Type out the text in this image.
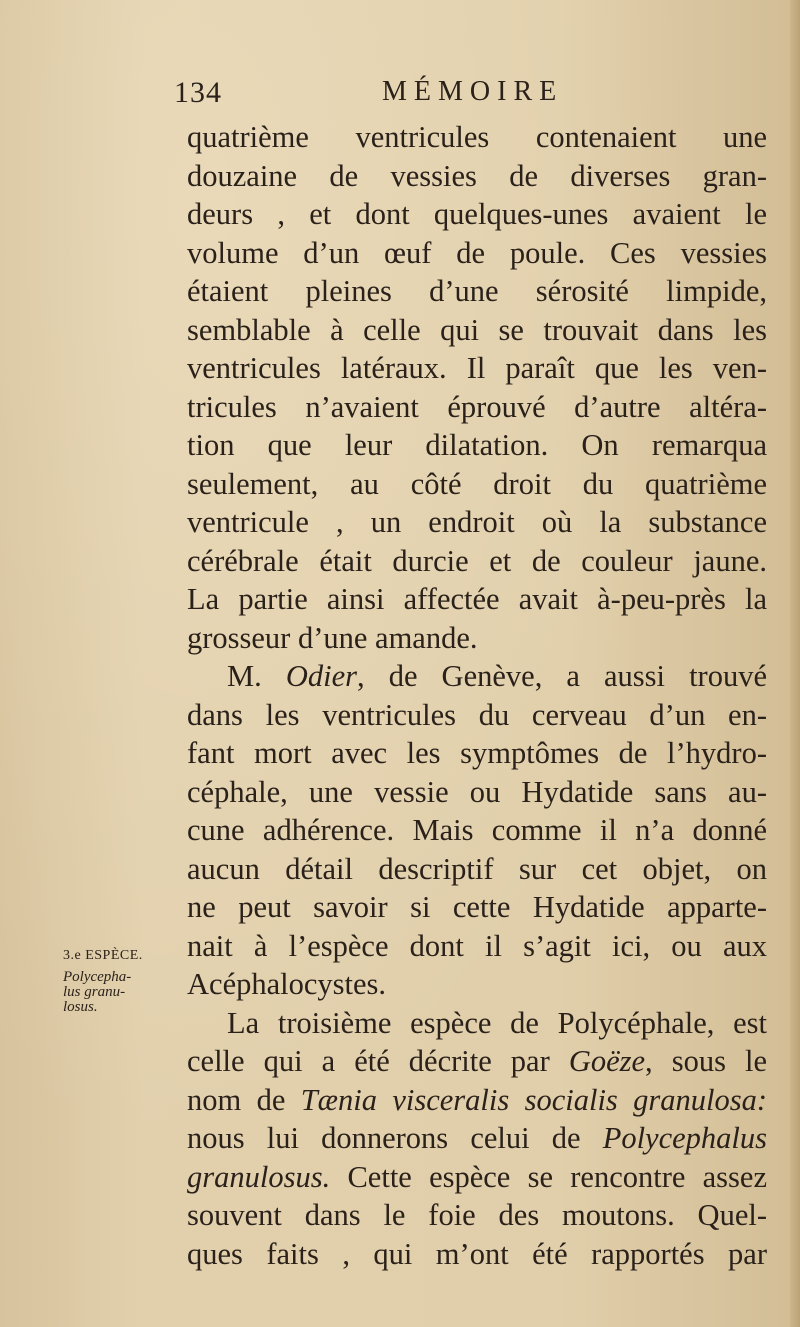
134	MÉMOIRE
3.e ESPÈCE.
Polycepha-
lus granu-
losus.
quatrième ventricules contenaient une
douzaine de vessies de diverses gran-
deurs , et dont quelques-unes avaient le
volume d’un œuf de poule. Ces vessies
étaient pleines d’une sérosité limpide,
semblable à celle qui se trouvait dans les
ventricules latéraux. Il paraît que les ven-
tricules n’avaient éprouvé d’autre altéra-
tion que leur dilatation. On remarqua
seulement, au côté droit du quatrième
ventricule , un endroit où la substance
cérébrale était durcie et de couleur jaune.
La partie ainsi affectée avait à-peu-près la
grosseur d’une amande.
M. Odier, de Genève, a aussi trouvé
dans les ventricules du cerveau d’un en-
fant mort avec les symptômes de l’hydro-
céphale, une vessie ou Hydatide sans au-
cune adhérence. Mais comme il n’a donné
aucun détail descriptif sur cet objet, on
ne peut savoir si cette Hydatide apparte-
nait à l’espèce dont il s’agit ici, ou aux
Acéphalocystes.
La troisième espèce de Polycéphale, est
celle qui a été décrite par Goëze, sous le
nom de Tænia visceralis socialis granulosa:
nous lui donnerons celui de Polycephalus
granulosus. Cette espèce se rencontre assez
souvent dans le foie des moutons. Quel-
ques faits , qui m’ont été rapportés par
